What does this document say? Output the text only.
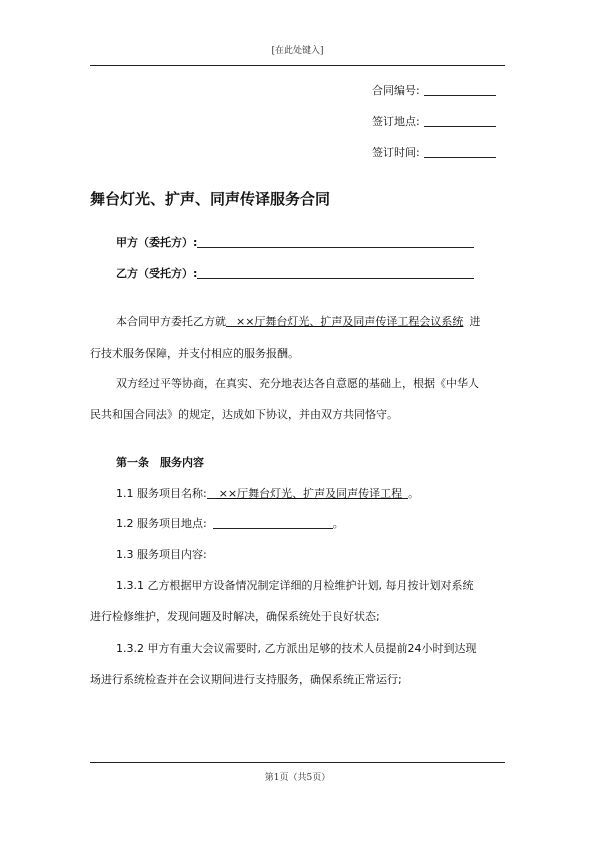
[在此处键入]
合同编号:
签订地点:
签订时间:
舞台灯光、扩声、同声传译服务合同
甲方（委托方）:
乙方（受托方）:
本合同甲方委托乙方就 ××厅舞台灯光、扩声及同声传译工程会议系统 进
行技术服务保障，并支付相应的服务报酬。
双方经过平等协商，在真实、充分地表达各自意愿的基础上，根据《中华人
民共和国合同法》的规定，达成如下协议，并由双方共同恪守。
第一条　服务内容
1.1 服务项目名称: ××厅舞台灯光、扩声及同声传译工程 。
1.2 服务项目地点:	。
1.3 服务项目内容:
1.3.1 乙方根据甲方设备情况制定详细的月检维护计划, 每月按计划对系统
进行检修维护，发现问题及时解决，确保系统处于良好状态;
1.3.2 甲方有重大会议需要时, 乙方派出足够的技术人员提前24小时到达现
场进行系统检查并在会议期间进行支持服务，确保系统正常运行;
第1页（共5页）
